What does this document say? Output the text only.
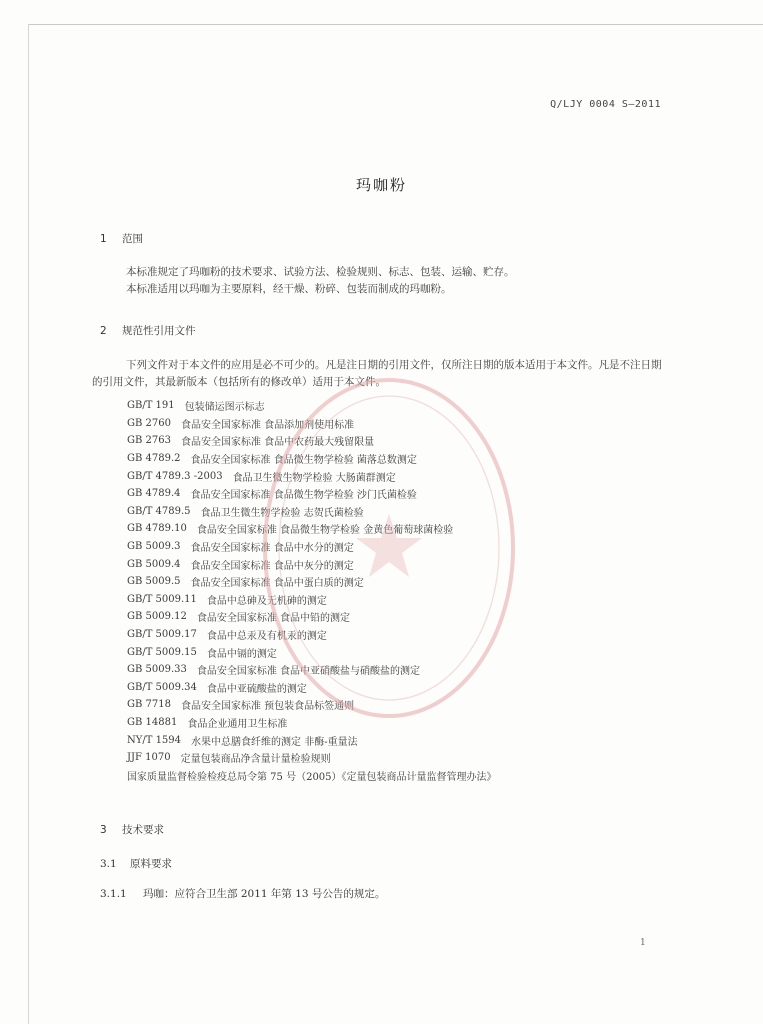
Q/LJY 0004 S—2011
玛咖粉
1 范围

本标准规定了玛咖粉的技术要求、试验方法、检验规则、标志、包装、运输、贮存。

本标准适用以玛咖为主要原料，经干燥、粉碎、包装而制成的玛咖粉。

2 规范性引用文件

下列文件对于本文件的应用是必不可少的。凡是注日期的引用文件，仅所注日期的版本适用于本文件。凡是不注日期的引用文件，其最新版本（包括所有的修改单）适用于本文件。

GB/T 191 包装储运图示标志
GB 2760 食品安全国家标准 食品添加剂使用标准
GB 2763 食品安全国家标准 食品中农药最大残留限量
GB 4789.2 食品安全国家标准 食品微生物学检验 菌落总数测定
GB/T 4789.3 -2003 食品卫生微生物学检验 大肠菌群测定
GB 4789.4 食品安全国家标准 食品微生物学检验 沙门氏菌检验
GB/T 4789.5 食品卫生微生物学检验 志贺氏菌检验
GB 4789.10 食品安全国家标准 食品微生物学检验 金黄色葡萄球菌检验
GB 5009.3 食品安全国家标准 食品中水分的测定
GB 5009.4 食品安全国家标准 食品中灰分的测定
GB 5009.5 食品安全国家标准 食品中蛋白质的测定
GB/T 5009.11 食品中总砷及无机砷的测定
GB 5009.12 食品安全国家标准 食品中铅的测定
GB/T 5009.17 食品中总汞及有机汞的测定
GB/T 5009.15 食品中镉的测定
GB 5009.33 食品安全国家标准 食品中亚硝酸盐与硝酸盐的测定
GB/T 5009.34 食品中亚硫酸盐的测定
GB 7718 食品安全国家标准 预包装食品标签通则
GB 14881 食品企业通用卫生标准
NY/T 1594 水果中总膳食纤维的测定 非酶-重量法
JJF 1070 定量包装商品净含量计量检验规则
国家质量监督检验检疫总局令第 75 号（2005）《定量包装商品计量监督管理办法》
3 技术要求
3.1 原料要求
3.1.1 玛咖：应符合卫生部 2011 年第 13 号公告的规定。
1
